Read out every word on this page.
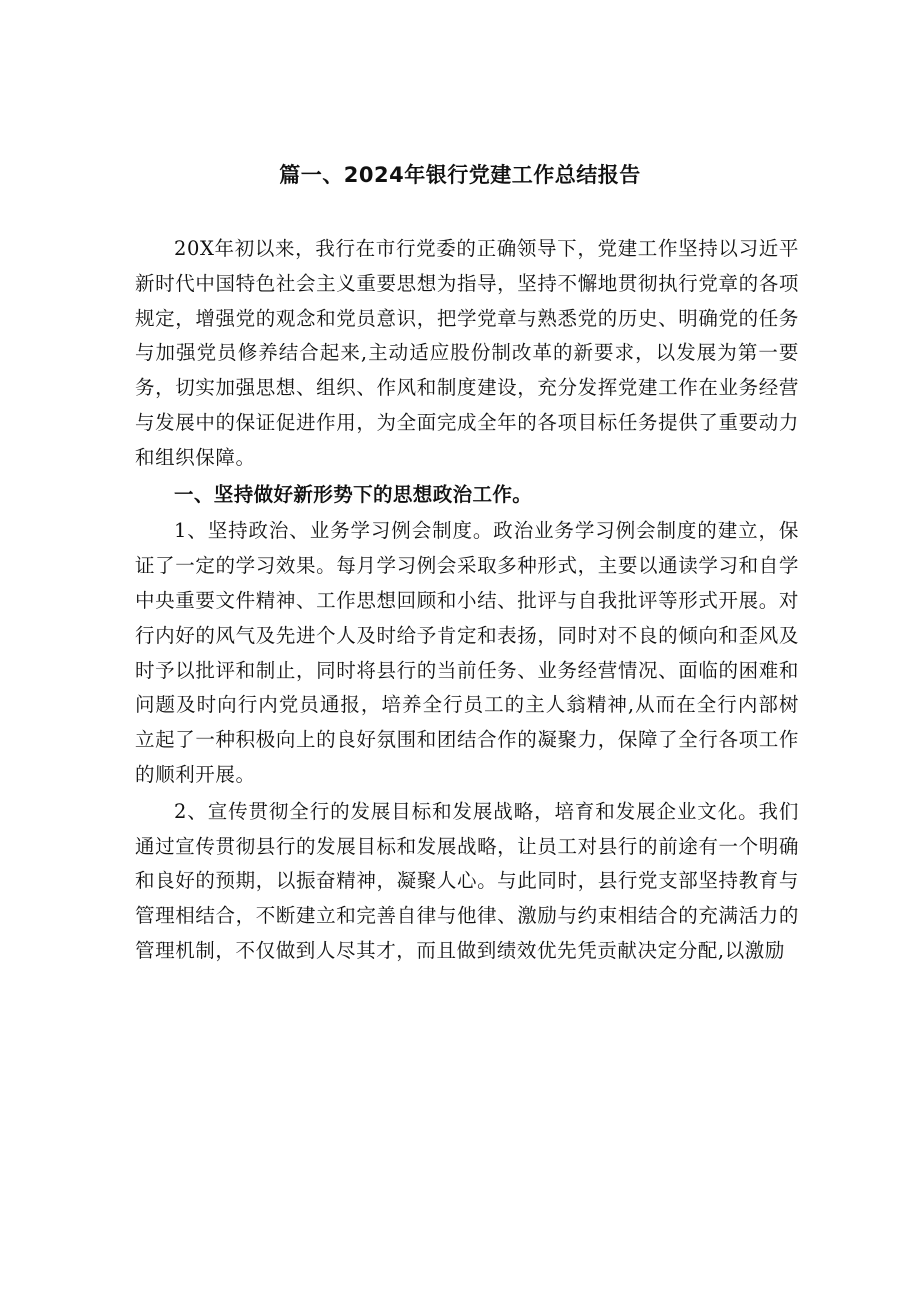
篇一、2024年银行党建工作总结报告

20X年初以来，我行在市行党委的正确领导下，党建工作坚持以习近平新时代中国特色社会主义重要思想为指导，坚持不懈地贯彻执行党章的各项规定，增强党的观念和党员意识，把学党章与熟悉党的历史、明确党的任务与加强党员修养结合起来,主动适应股份制改革的新要求，以发展为第一要务，切实加强思想、组织、作风和制度建设，充分发挥党建工作在业务经营与发展中的保证促进作用，为全面完成全年的各项目标任务提供了重要动力和组织保障。

一、坚持做好新形势下的思想政治工作。

1、坚持政治、业务学习例会制度。政治业务学习例会制度的建立，保证了一定的学习效果。每月学习例会采取多种形式，主要以通读学习和自学中央重要文件精神、工作思想回顾和小结、批评与自我批评等形式开展。对行内好的风气及先进个人及时给予肯定和表扬，同时对不良的倾向和歪风及时予以批评和制止，同时将县行的当前任务、业务经营情况、面临的困难和问题及时向行内党员通报，培养全行员工的主人翁精神,从而在全行内部树立起了一种积极向上的良好氛围和团结合作的凝聚力，保障了全行各项工作的顺利开展。

2、宣传贯彻全行的发展目标和发展战略，培育和发展企业文化。我们通过宣传贯彻县行的发展目标和发展战略，让员工对县行的前途有一个明确和良好的预期，以振奋精神，凝聚人心。与此同时，县行党支部坚持教育与管理相结合，不断建立和完善自律与他律、激励与约束相结合的充满活力的管理机制，不仅做到人尽其才，而且做到绩效优先凭贡献决定分配,以激励
